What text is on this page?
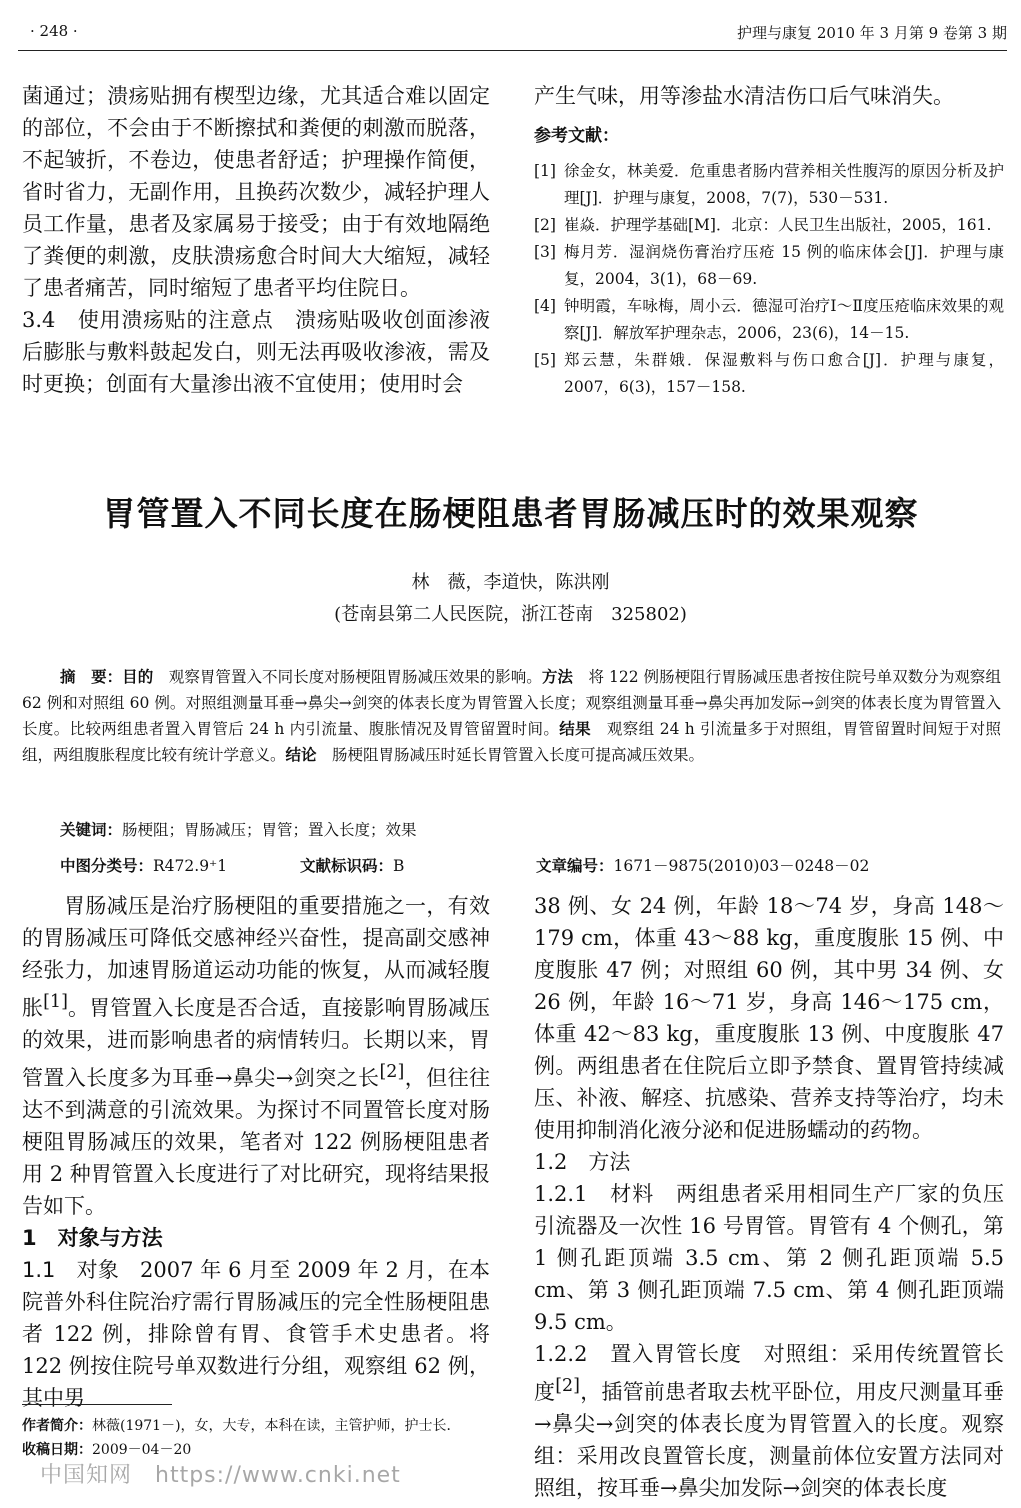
· 248 ·	护理与康复 2010 年 3 月第 9 卷第 3 期

菌通过；溃疡贴拥有楔型边缘，尤其适合难以固定的部位，不会由于不断擦拭和粪便的刺激而脱落，不起皱折，不卷边，使患者舒适；护理操作简便，省时省力，无副作用，且换药次数少，减轻护理人员工作量，患者及家属易于接受；由于有效地隔绝了粪便的刺激，皮肤溃疡愈合时间大大缩短，减轻了患者痛苦，同时缩短了患者平均住院日。

3.4　使用溃疡贴的注意点　溃疡贴吸收创面渗液后膨胀与敷料鼓起发白，则无法再吸收渗液，需及时更换；创面有大量渗出液不宜使用；使用时会

产生气味，用等渗盐水清洁伤口后气味消失。

参考文献：
[1] 徐金女，林美爱．危重患者肠内营养相关性腹泻的原因分析及护理[J]．护理与康复，2008，7(7)，530－531.
[2] 崔焱．护理学基础[M]．北京：人民卫生出版社，2005，161.
[3] 梅月芳．湿润烧伤膏治疗压疮 15 例的临床体会[J]．护理与康复，2004，3(1)，68－69.
[4] 钟明霞，车咏梅，周小云．德湿可治疗Ⅰ～Ⅱ度压疮临床效果的观察[J]．解放军护理杂志，2006，23(6)，14－15.
[5] 郑云慧，朱群娥．保湿敷料与伤口愈合[J]．护理与康复，2007，6(3)，157－158.
胃管置入不同长度在肠梗阻患者胃肠减压时的效果观察
林　薇，李道快，陈洪刚
(苍南县第二人民医院，浙江苍南　325802)
摘　要：目的　观察胃管置入不同长度对肠梗阻胃肠减压效果的影响。方法　将 122 例肠梗阻行胃肠减压患者按住院号单双数分为观察组 62 例和对照组 60 例。对照组测量耳垂→鼻尖→剑突的体表长度为胃管置入长度；观察组测量耳垂→鼻尖再加发际→剑突的体表长度为胃管置入长度。比较两组患者置入胃管后 24 h 内引流量、腹胀情况及胃管留置时间。结果　观察组 24 h 引流量多于对照组，胃管留置时间短于对照组，两组腹胀程度比较有统计学意义。结论　肠梗阻胃肠减压时延长胃管置入长度可提高减压效果。
关键词：肠梗阻；胃肠减压；胃管；置入长度；效果
中图分类号：R472.9⁺1	文献标识码：B	文章编号：1671－9875(2010)03－0248－02

胃肠减压是治疗肠梗阻的重要措施之一，有效的胃肠减压可降低交感神经兴奋性，提高副交感神经张力，加速胃肠道运动功能的恢复，从而减轻腹胀[1]。胃管置入长度是否合适，直接影响胃肠减压的效果，进而影响患者的病情转归。长期以来，胃管置入长度多为耳垂→鼻尖→剑突之长[2]，但往往达不到满意的引流效果。为探讨不同置管长度对肠梗阻胃肠减压的效果，笔者对 122 例肠梗阻患者用 2 种胃管置入长度进行了对比研究，现将结果报告如下。

1　对象与方法

1.1　对象　2007 年 6 月至 2009 年 2 月，在本院普外科住院治疗需行胃肠减压的完全性肠梗阻患者 122 例，排除曾有胃、食管手术史患者。将 122 例按住院号单双数进行分组，观察组 62 例，其中男

38 例、女 24 例，年龄 18～74 岁，身高 148～179 cm，体重 43～88 kg，重度腹胀 15 例、中度腹胀 47 例；对照组 60 例，其中男 34 例、女 26 例，年龄 16～71 岁，身高 146～175 cm，体重 42～83 kg，重度腹胀 13 例、中度腹胀 47 例。两组患者在住院后立即予禁食、置胃管持续减压、补液、解痉、抗感染、营养支持等治疗，均未使用抑制消化液分泌和促进肠蠕动的药物。

1.2　方法

1.2.1　材料　两组患者采用相同生产厂家的负压引流器及一次性 16 号胃管。胃管有 4 个侧孔，第 1 侧孔距顶端 3.5 cm、第 2 侧孔距顶端 5.5 cm、第 3 侧孔距顶端 7.5 cm、第 4 侧孔距顶端 9.5 cm。

1.2.2　置入胃管长度　对照组：采用传统置管长度[2]，插管前患者取去枕平卧位，用皮尺测量耳垂→鼻尖→剑突的体表长度为胃管置入的长度。观察组：采用改良置管长度，测量前体位安置方法同对照组，按耳垂→鼻尖加发际→剑突的体表长度

作者简介：林薇(1971－)，女，大专，本科在读，主管护师，护士长．
收稿日期：2009－04－20
中国知网　https://www.cnki.net
